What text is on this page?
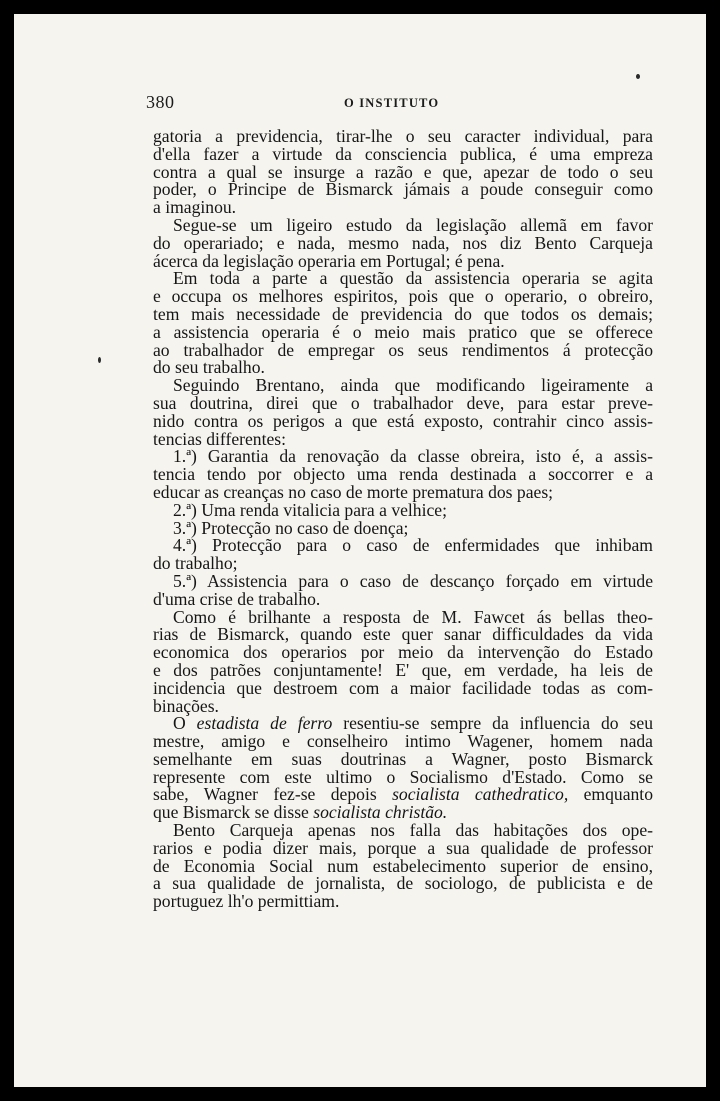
380	O INSTITUTO
gatoria a previdencia, tirar-lhe o seu caracter individual, para
d'ella fazer a virtude da consciencia publica, é uma empreza
contra a qual se insurge a razão e que, apezar de todo o seu
poder, o Principe de Bismarck jámais a poude conseguir como
a imaginou.
Segue-se um ligeiro estudo da legislação allemã em favor
do operariado; e nada, mesmo nada, nos diz Bento Carqueja
ácerca da legislação operaria em Portugal; é pena.
Em toda a parte a questão da assistencia operaria se agita
e occupa os melhores espiritos, pois que o operario, o obreiro,
tem mais necessidade de previdencia do que todos os demais;
a assistencia operaria é o meio mais pratico que se offerece
ao trabalhador de empregar os seus rendimentos á protecção
do seu trabalho.
Seguindo Brentano, ainda que modificando ligeiramente a
sua doutrina, direi que o trabalhador deve, para estar preve-
nido contra os perigos a que está exposto, contrahir cinco assis-
tencias differentes:
1.ª) Garantia da renovação da classe obreira, isto é, a assis-
tencia tendo por objecto uma renda destinada a soccorrer e a
educar as creanças no caso de morte prematura dos paes;
2.ª) Uma renda vitalicia para a velhice;
3.ª) Protecção no caso de doença;
4.ª) Protecção para o caso de enfermidades que inhibam
do trabalho;
5.ª) Assistencia para o caso de descanço forçado em virtude
d'uma crise de trabalho.
Como é brilhante a resposta de M. Fawcet ás bellas theo-
rias de Bismarck, quando este quer sanar difficuldades da vida
economica dos operarios por meio da intervenção do Estado
e dos patrões conjuntamente! E' que, em verdade, ha leis de
incidencia que destroem com a maior facilidade todas as com-
binações.
O estadista de ferro resentiu-se sempre da influencia do seu
mestre, amigo e conselheiro intimo Wagener, homem nada
semelhante em suas doutrinas a Wagner, posto Bismarck
represente com este ultimo o Socialismo d'Estado. Como se
sabe, Wagner fez-se depois socialista cathedratico, emquanto
que Bismarck se disse socialista christão.
Bento Carqueja apenas nos falla das habitações dos ope-
rarios e podia dizer mais, porque a sua qualidade de professor
de Economia Social num estabelecimento superior de ensino,
a sua qualidade de jornalista, de sociologo, de publicista e de
portuguez lh'o permittiam.
